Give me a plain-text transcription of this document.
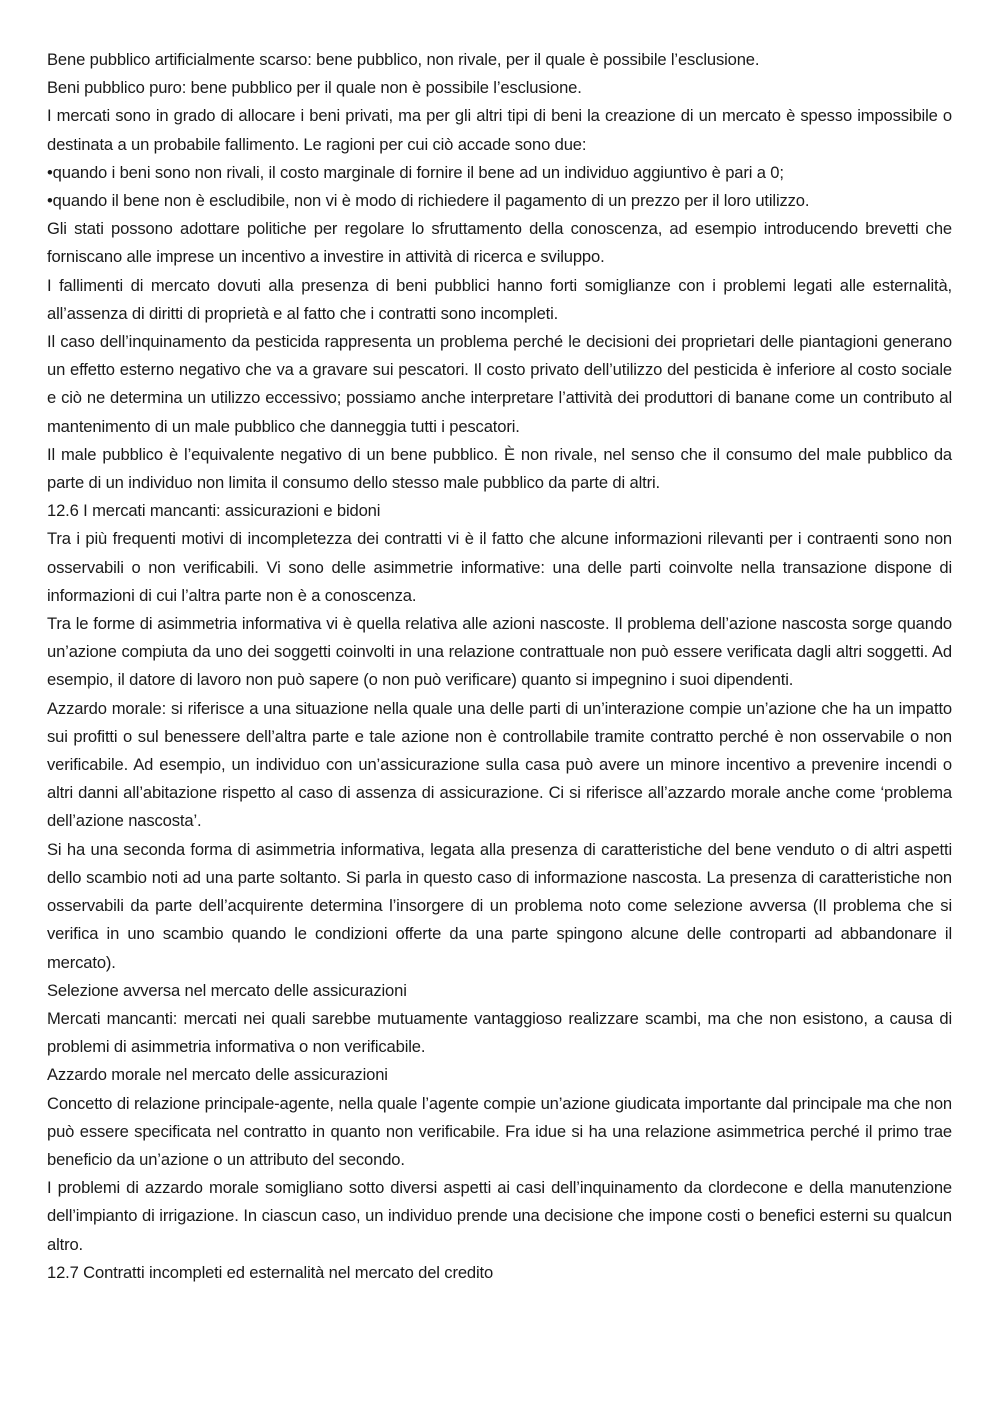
Bene pubblico artificialmente scarso: bene pubblico, non rivale, per il quale è possibile l’esclusione.

Beni pubblico puro: bene pubblico per il quale non è possibile l’esclusione.

I mercati sono in grado di allocare i beni privati, ma per gli altri tipi di beni la creazione di un mercato è spesso impossibile o destinata a un probabile fallimento. Le ragioni per cui ciò accade sono due:

•quando i beni sono non rivali, il costo marginale di fornire il bene ad un individuo aggiuntivo è pari a 0;

•quando il bene non è escludibile, non vi è modo di richiedere il pagamento di un prezzo per il loro utilizzo.

Gli stati possono adottare politiche per regolare lo sfruttamento della conoscenza, ad esempio introducendo brevetti che forniscano alle imprese un incentivo a investire in attività di ricerca e sviluppo.

I fallimenti di mercato dovuti alla presenza di beni pubblici hanno forti somiglianze con i problemi legati alle esternalità, all’assenza di diritti di proprietà e al fatto che i contratti sono incompleti.

Il caso dell’inquinamento da pesticida rappresenta un problema perché le decisioni dei proprietari delle piantagioni generano un effetto esterno negativo che va a gravare sui pescatori. Il costo privato dell’utilizzo del pesticida è inferiore al costo sociale e ciò ne determina un utilizzo eccessivo; possiamo anche interpretare l’attività dei produttori di banane come un contributo al mantenimento di un male pubblico che danneggia tutti i pescatori.

Il male pubblico è l’equivalente negativo di un bene pubblico. È non rivale, nel senso che il consumo del male pubblico da parte di un individuo non limita il consumo dello stesso male pubblico da parte di altri.

12.6 I mercati mancanti: assicurazioni e bidoni

Tra i più frequenti motivi di incompletezza dei contratti vi è il fatto che alcune informazioni rilevanti per i contraenti sono non osservabili o non verificabili. Vi sono delle asimmetrie informative: una delle parti coinvolte nella transazione dispone di informazioni di cui l’altra parte non è a conoscenza.

Tra le forme di asimmetria informativa vi è quella relativa alle azioni nascoste. Il problema dell’azione nascosta sorge quando un’azione compiuta da uno dei soggetti coinvolti in una relazione contrattuale non può essere verificata dagli altri soggetti. Ad esempio, il datore di lavoro non può sapere (o non può verificare) quanto si impegnino i suoi dipendenti.

Azzardo morale: si riferisce a una situazione nella quale una delle parti di un’interazione compie un’azione che ha un impatto sui profitti o sul benessere dell’altra parte e tale azione non è controllabile tramite contratto perché è non osservabile o non verificabile. Ad esempio, un individuo con un’assicurazione sulla casa può avere un minore incentivo a prevenire incendi o altri danni all’abitazione rispetto al caso di assenza di assicurazione. Ci si riferisce all’azzardo morale anche come ‘problema dell’azione nascosta’.

Si ha una seconda forma di asimmetria informativa, legata alla presenza di caratteristiche del bene venduto o di altri aspetti dello scambio noti ad una parte soltanto. Si parla in questo caso di informazione nascosta. La presenza di caratteristiche non osservabili da parte dell’acquirente determina l’insorgere di un problema noto come selezione avversa (Il problema che si verifica in uno scambio quando le condizioni offerte da una parte spingono alcune delle controparti ad abbandonare il mercato).

Selezione avversa nel mercato delle assicurazioni

Mercati mancanti: mercati nei quali sarebbe mutuamente vantaggioso realizzare scambi, ma che non esistono, a causa di problemi di asimmetria informativa o non verificabile.

Azzardo morale nel mercato delle assicurazioni

Concetto di relazione principale-agente, nella quale l’agente compie un’azione giudicata importante dal principale ma che non può essere specificata nel contratto in quanto non verificabile. Fra idue si ha una relazione asimmetrica perché il primo trae beneficio da un’azione o un attributo del secondo.

I problemi di azzardo morale somigliano sotto diversi aspetti ai casi dell’inquinamento da clordecone e della manutenzione dell’impianto di irrigazione. In ciascun caso, un individuo prende una decisione che impone costi o benefici esterni su qualcun altro.

12.7 Contratti incompleti ed esternalità nel mercato del credito
